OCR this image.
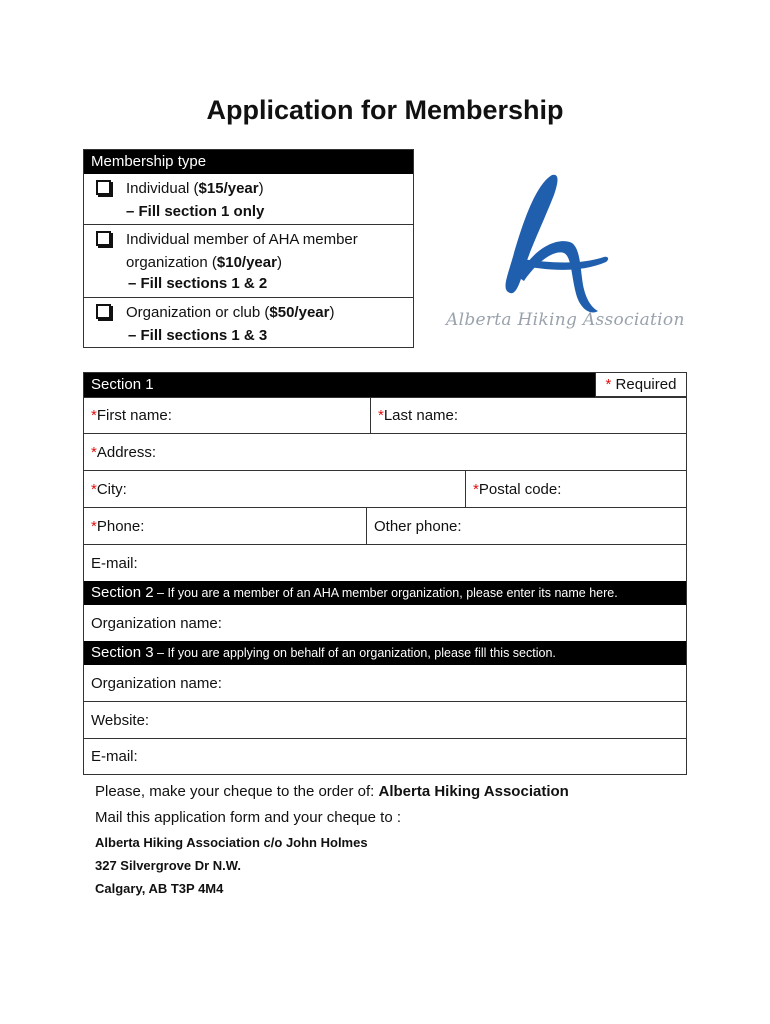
Application for Membership
Membership type
Individual ($15/year)
– Fill section 1 only
Individual member of AHA member
organization ($10/year)
– Fill sections 1 & 2
Organization or club ($50/year)
– Fill sections 1 & 3
Alberta Hiking Association
Section 1	* Required
* First name:	* Last name:
* Address:
* City:	* Postal code:
* Phone:	Other phone:
E-mail:
Section 2 – If you are a member of an AHA member organization, please enter its name here.
Organization name:
Section 3 – If you are applying on behalf of an organization, please fill this section.
Organization name:
Website:
E-mail:
Please, make your cheque to the order of: Alberta Hiking Association
Mail this application form and your cheque to :
Alberta Hiking Association c/o John Holmes
327 Silvergrove Dr N.W.
Calgary, AB T3P 4M4
